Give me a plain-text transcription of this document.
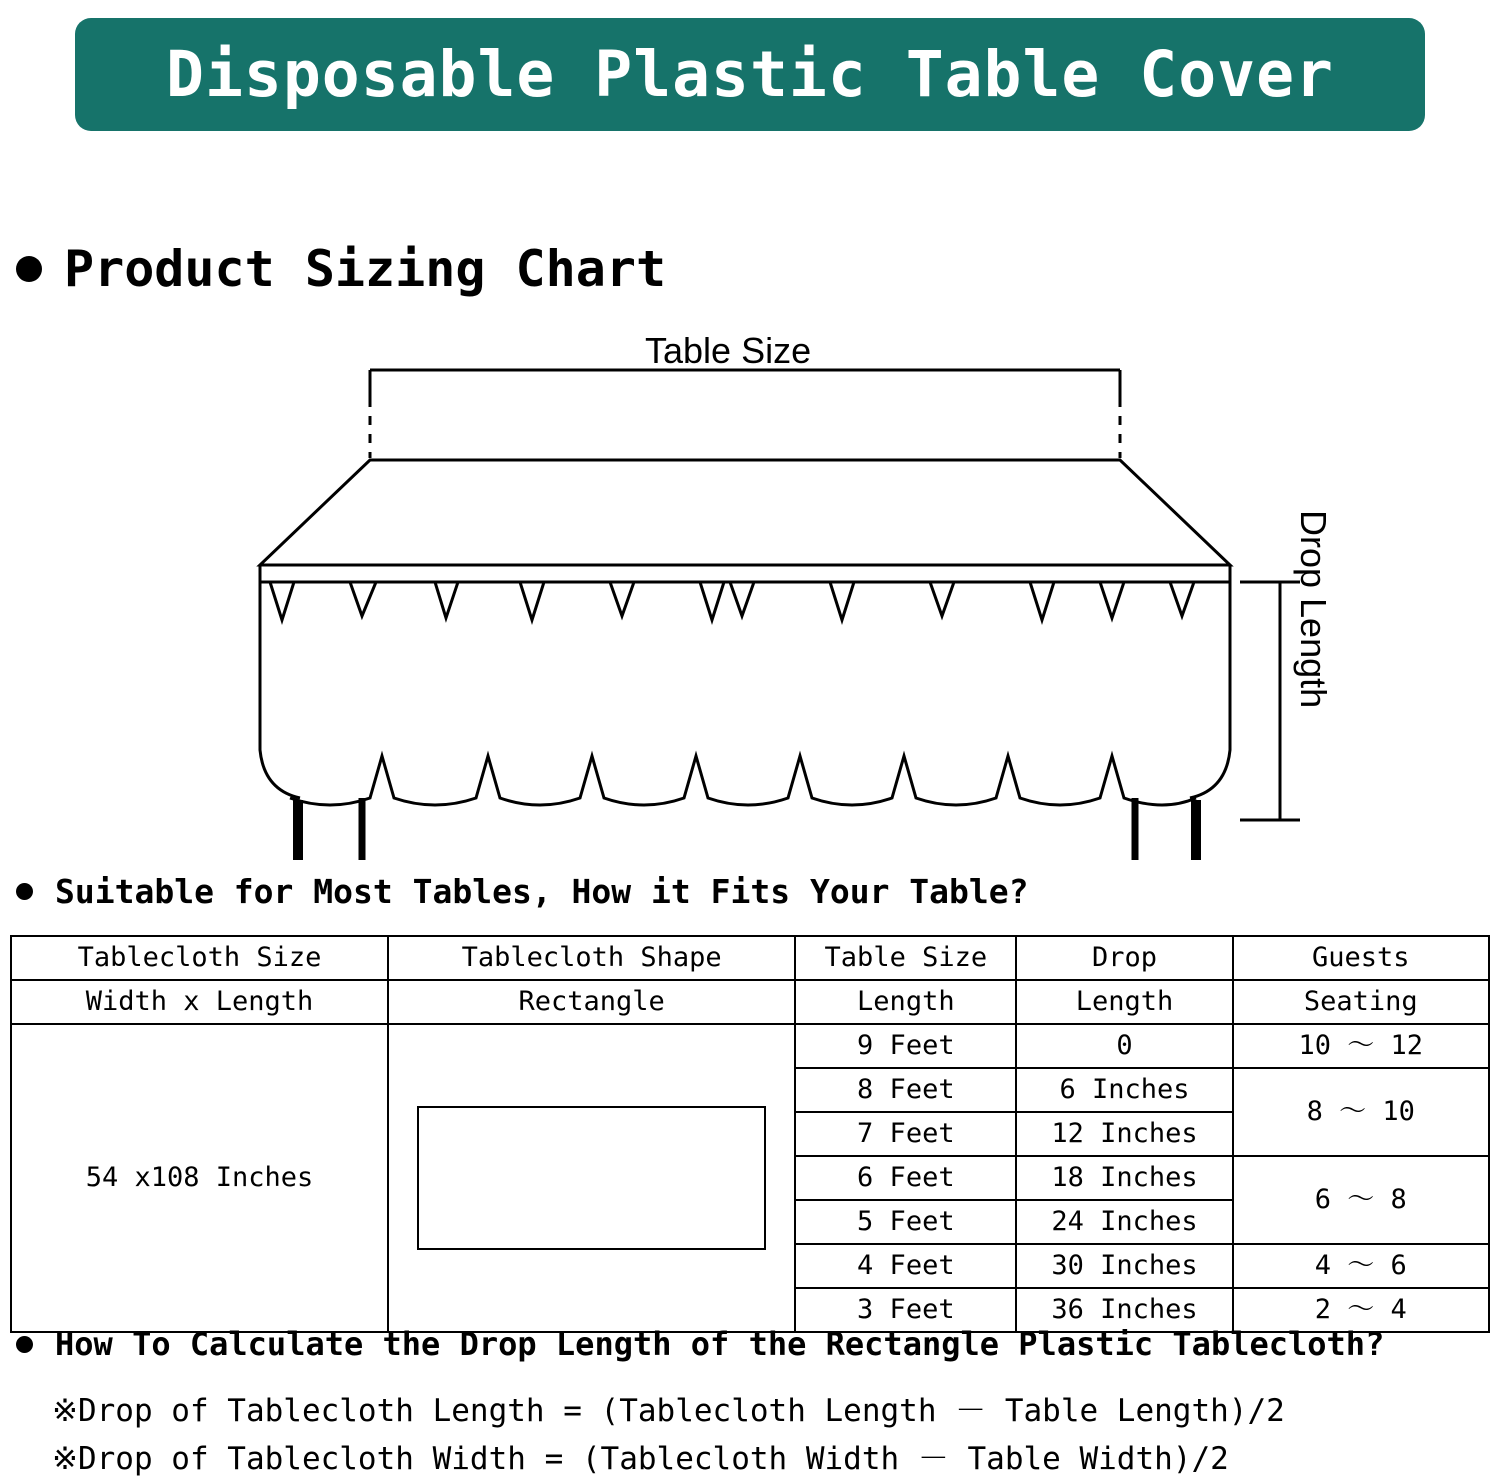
Disposable Plastic Table Cover
Product Sizing Chart
Table Size
Drop Length
Suitable for Most Tables, How it Fits Your Table?
Tablecloth Size	Tablecloth Shape	Table Size	Drop	Guests
Width x Length	Rectangle	Length	Length	Seating
54 x108 Inches		9 Feet	0	10 ～ 12
		8 Feet	6 Inches	8 ～ 10
		7 Feet	12 Inches	
		6 Feet	18 Inches	6 ～ 8
		5 Feet	24 Inches	
		4 Feet	30 Inches	4 ～ 6
		3 Feet	36 Inches	2 ～ 4
How To Calculate the Drop Length of the Rectangle Plastic Tablecloth?
※Drop of Tablecloth Length = (Tablecloth Length － Table Length)/2
※Drop of Tablecloth Width = (Tablecloth Width － Table Width)/2
